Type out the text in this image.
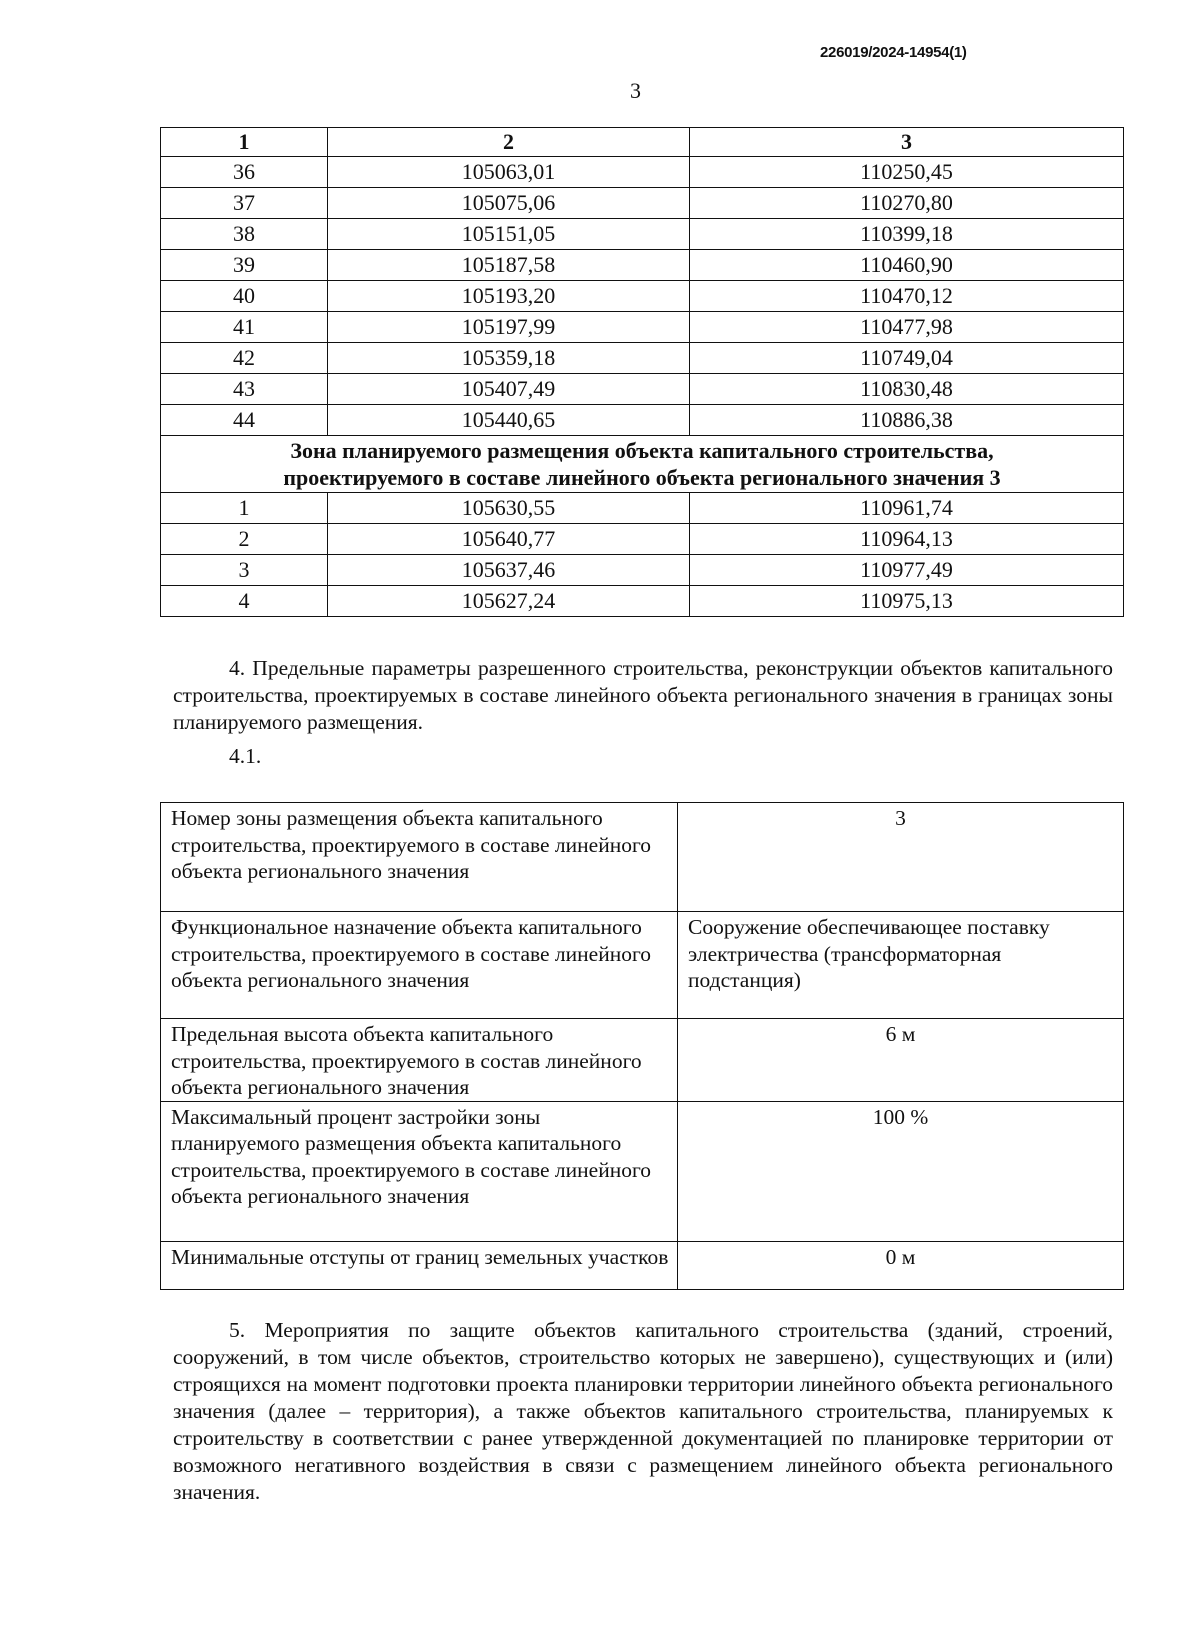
226019/2024-14954(1)
3
1	2	3
36	105063,01	110250,45
37	105075,06	110270,80
38	105151,05	110399,18
39	105187,58	110460,90
40	105193,20	110470,12
41	105197,99	110477,98
42	105359,18	110749,04
43	105407,49	110830,48
44	105440,65	110886,38

Зона планируемого размещения объекта капитального строительства,
проектируемого в составе линейного объекта регионального значения 3		

1	105630,55	110961,74
2	105640,77	110964,13
3	105637,46	110977,49
4	105627,24	110975,13
4. Предельные параметры разрешенного строительства, реконструкции объектов капитального строительства, проектируемых в составе линейного объекта регионального значения в границах зоны планируемого размещения.
4.1.
Номер зоны размещения объекта капитального строительства, проектируемого в составе линейного объекта регионального значения	3
Функциональное назначение объекта капитального строительства, проектируемого в составе линейного объекта регионального значения	Сооружение обеспечивающее поставку электричества (трансформаторная подстанция)
Предельная высота объекта капитального строительства, проектируемого в состав линейного объекта регионального значения	6 м
Максимальный процент застройки зоны планируемого размещения объекта капитального строительства, проектируемого в составе линейного объекта регионального значения	100 %
Минимальные отступы от границ земельных участков	0 м
5. Мероприятия по защите объектов капитального строительства (зданий, строений, сооружений, в том числе объектов, строительство которых не завершено), существующих и (или) строящихся на момент подготовки проекта планировки территории линейного объекта регионального значения (далее – территория), а также объектов капитального строительства, планируемых к строительству в соответствии с ранее утвержденной документацией по планировке территории от возможного негативного воздействия в связи с размещением линейного объекта регионального значения.
